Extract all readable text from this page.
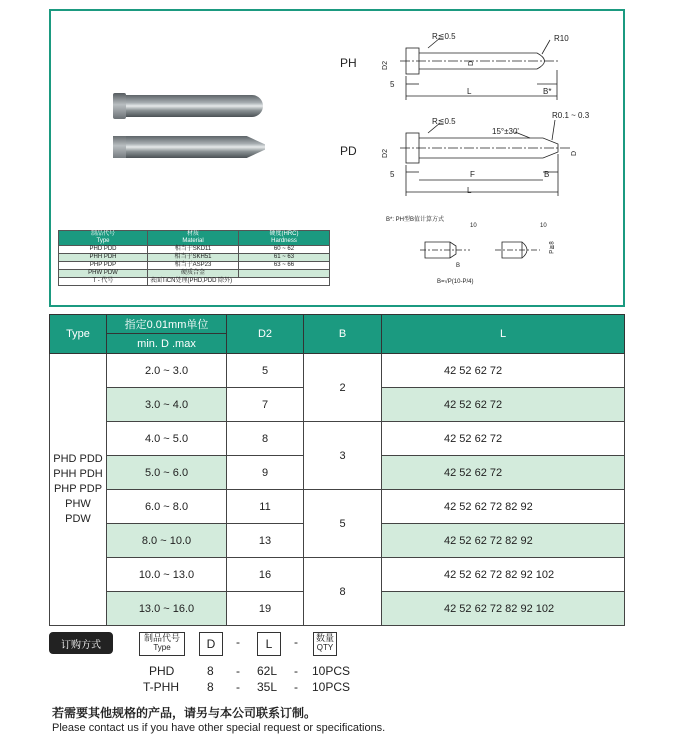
PH
PD
R≦0.5	R10
D2	D
5
L	B*
R≦0.5
R0.1 ~ 0.3
15°±30'
D2	D
5	F	B
L
B*: PH型B值计算方式
10	10
B
P≧8
B=√P(10-P/4)
制品代号
Type	材质
Material	硬度(HRC)
Hardness
PHD PDD	相当于SKD11	60 ~ 62
PHH PDH	相当于SKH51	61 ~ 63
PHP PDP	相当于ASP23	63 ~ 66
PHW PDW	硬质合金	
T - 代号	表面TiCN处理(PHD,PDD 除外)	
Type	指定0.01mm单位	D2	B	L
	min. D .max			

PHD PDD
PHH PDH
PHP PDP
PHW PDW	2.0 ~ 3.0	5	2	42 52 62 72
	3.0 ~ 4.0	7		42 52 62 72
	4.0 ~ 5.0	8	3	42 52 62 72
	5.0 ~ 6.0	9		42 52 62 72
	6.0 ~ 8.0	11	5	42 52 62 72 82 92
	8.0 ~ 10.0	13		42 52 62 72 82 92
	10.0 ~ 13.0	16	8	42 52 62 72 82 92 102
	13.0 ~ 16.0	19		42 52 62 72 82 92 102
订购方式
制品代号
Type	D	-	L	- 数量
QTY
PHD	8 - 62L - 10PCS
T-PHH 8 - 35L - 10PCS
若需要其他规格的产品，请另与本公司联系订制。
Please contact us if you have other special request or specifications.
